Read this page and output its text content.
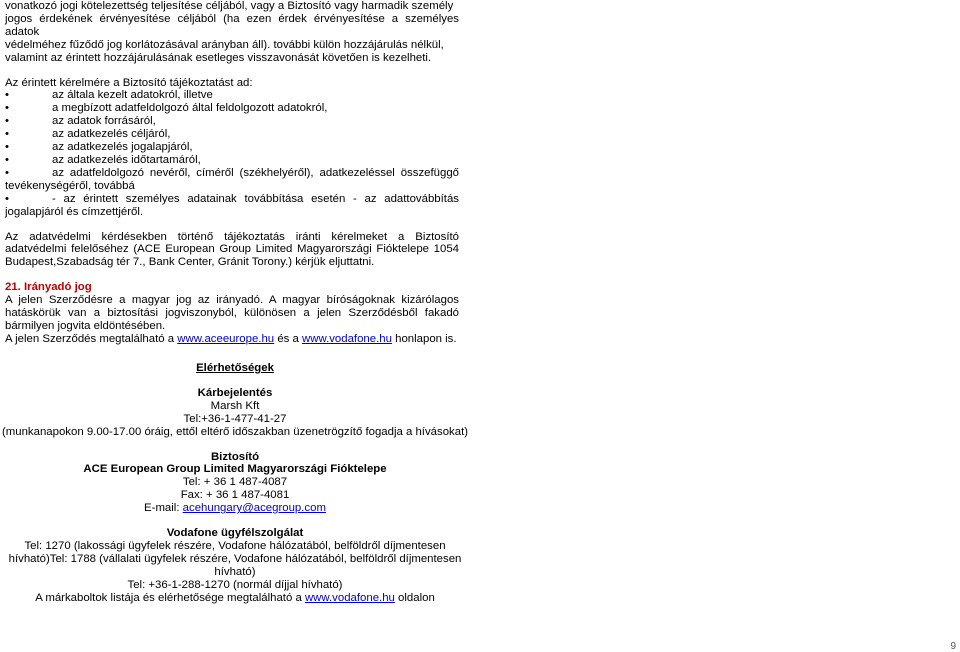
vonatkozó jogi kötelezettség teljesítése céljából, vagy a Biztosító vagy harmadik személy

jogos érdekének érvényesítése céljából (ha ezen érdek érvényesítése a személyes adatok

védelméhez fűződő jog korlátozásával arányban áll). további külön hozzájárulás nélkül,

valamint az érintett hozzájárulásának esetleges visszavonását követően is kezelheti.

Az érintett kérelmére a Biztosító tájékoztatást ad:

•	az általa kezelt adatokról, illetve
•	a megbízott adatfeldolgozó által feldolgozott adatokról,
•	az adatok forrásáról,
•	az adatkezelés céljáról,
•	az adatkezelés jogalapjáról,
•	az adatkezelés időtartamáról,
•	az adatfeldolgozó nevéről, címéről (székhelyéről), adatkezeléssel összefüggő tevékenységéről, továbbá
•	- az érintett személyes adatainak továbbítása esetén - az adattovábbítás jogalapjáról és címzettjéről.

Az adatvédelmi kérdésekben történő tájékoztatás iránti kérelmeket a Biztosító adatvédelmi felelőséhez (ACE European Group Limited Magyarországi Fióktelepe 1054 Budapest,Szabadság tér 7., Bank Center, Gránit Torony.) kérjük eljuttatni.

21. Irányadó jog

A jelen Szerződésre a magyar jog az irányadó. A magyar bíróságoknak kizárólagos hatáskörük van a biztosítási jogviszonyból, különösen a jelen Szerződésből fakadó bármilyen jogvita eldöntésében.

A jelen Szerződés megtalálható a www.aceeurope.hu és a www.vodafone.hu honlapon is.

Elérhetőségek
Kárbejelentés
Marsh Kft
Tel:+36-1-477-41-27
(munkanapokon 9.00-17.00 óráig, ettől eltérő időszakban üzenetrögzítő fogadja a hívásokat)
Biztosító
ACE European Group Limited Magyarországi Fióktelepe
Tel: + 36 1 487-4087
Fax: + 36 1 487-4081
E-mail: acehungary@acegroup.com
Vodafone ügyfélszolgálat
Tel: 1270 (lakossági ügyfelek részére, Vodafone hálózatából, belföldről díjmentesen
hívható)Tel: 1788 (vállalati ügyfelek részére, Vodafone hálózatából, belföldről díjmentesen
hívható)
Tel: +36-1-288-1270 (normál díjjal hívható)
A márkaboltok listája és elérhetősége megtalálható a www.vodafone.hu oldalon
9
